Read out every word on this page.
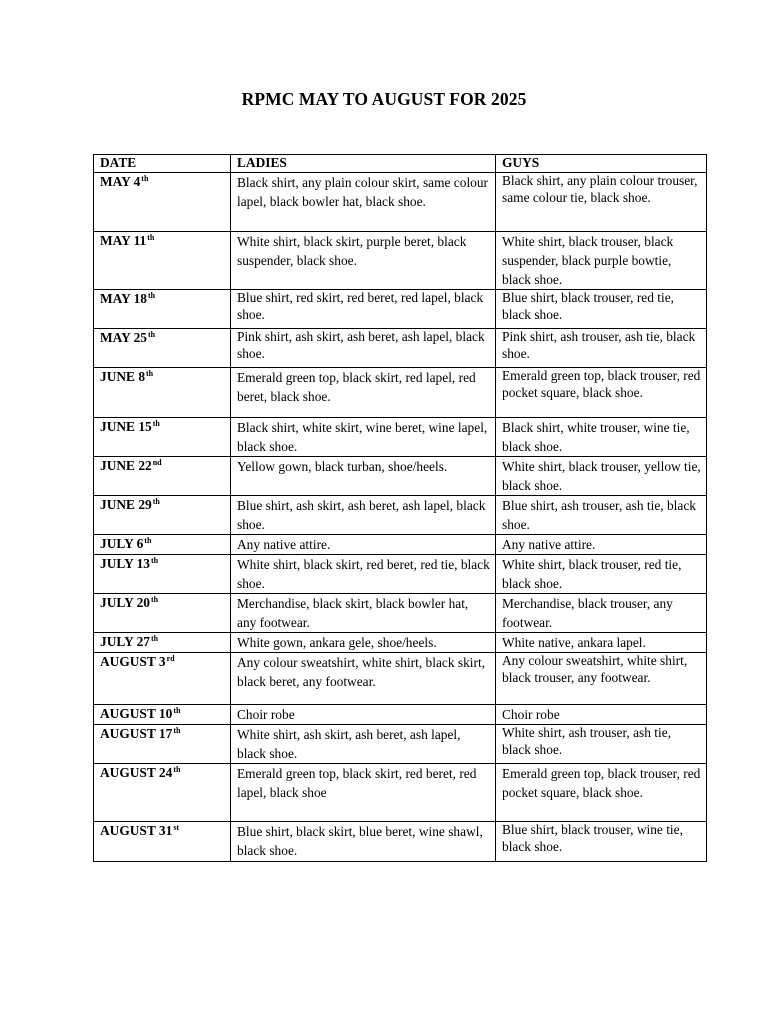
RPMC MAY TO AUGUST FOR 2025
DATE	LADIES	GUYS
MAY 4th	Black shirt, any plain colour skirt, same colour lapel, black bowler hat, black shoe.	Black shirt, any plain colour trouser, same colour tie, black shoe.
MAY 11th	White shirt, black skirt, purple beret, black suspender, black shoe.	White shirt, black trouser, black suspender, black purple bowtie, black shoe.
MAY 18th	Blue shirt, red skirt, red beret, red lapel, black shoe.	Blue shirt, black trouser, red tie, black shoe.
MAY 25th	Pink shirt, ash skirt, ash beret, ash lapel, black shoe.	Pink shirt, ash trouser, ash tie, black shoe.
JUNE 8th	Emerald green top, black skirt, red lapel, red beret, black shoe.	Emerald green top, black trouser, red pocket square, black shoe.
JUNE 15th	Black shirt, white skirt, wine beret, wine lapel, black shoe.	Black shirt, white trouser, wine tie, black shoe.
JUNE 22nd	Yellow gown, black turban, shoe/heels.	White shirt, black trouser, yellow tie, black shoe.
JUNE 29th	Blue shirt, ash skirt, ash beret, ash lapel, black shoe.	Blue shirt, ash trouser, ash tie, black shoe.
JULY 6th	Any native attire.	Any native attire.
JULY 13th	White shirt, black skirt, red beret, red tie, black shoe.	White shirt, black trouser, red tie, black shoe.
JULY 20th	Merchandise, black skirt, black bowler hat, any footwear.	Merchandise, black trouser, any footwear.
JULY 27th	White gown, ankara gele, shoe/heels.	White native, ankara lapel.
AUGUST 3rd	Any colour sweatshirt, white shirt, black skirt, black beret, any footwear.	Any colour sweatshirt, white shirt, black trouser, any footwear.
AUGUST 10th	Choir robe	Choir robe
AUGUST 17th	White shirt, ash skirt, ash beret, ash lapel, black shoe.	White shirt, ash trouser, ash tie, black shoe.
AUGUST 24th	Emerald green top, black skirt, red beret, red lapel, black shoe	Emerald green top, black trouser, red pocket square, black shoe.
AUGUST 31st	Blue shirt, black skirt, blue beret, wine shawl, black shoe.	Blue shirt, black trouser, wine tie, black shoe.
